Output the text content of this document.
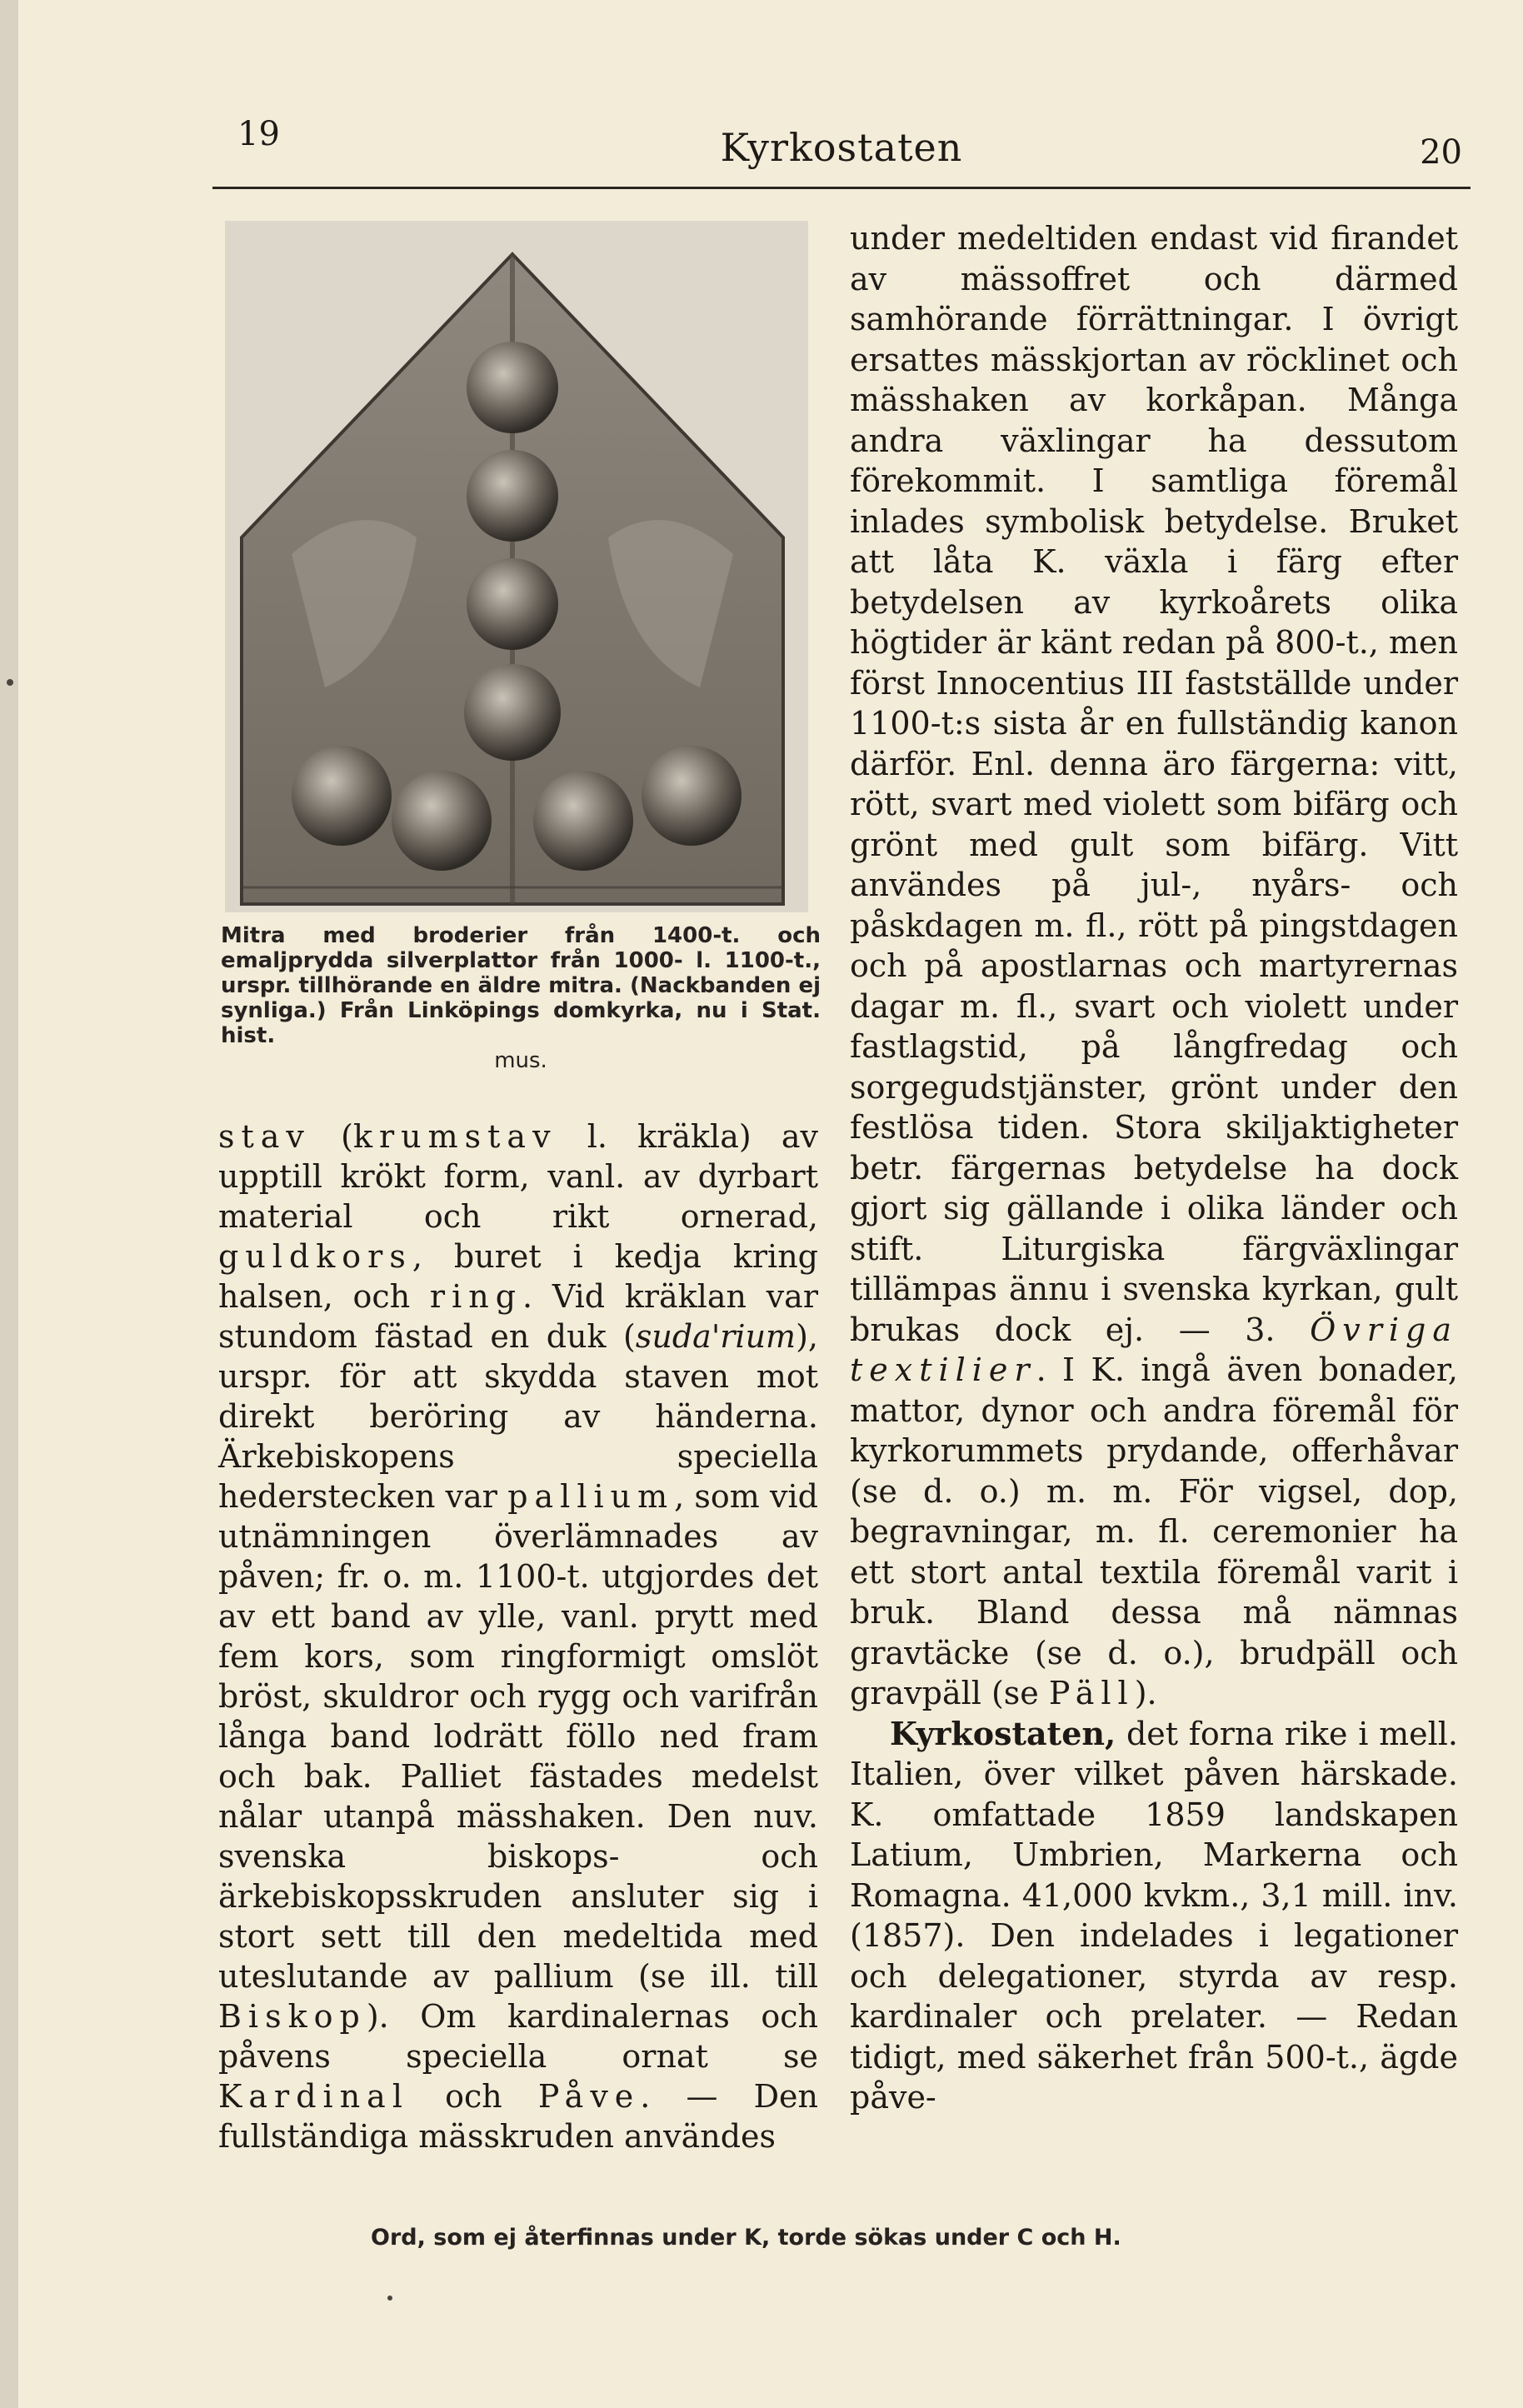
19	Kyrkostaten	20
Mitra med broderier från 1400-t. och emaljprydda silverplattor från 1000- l. 1100-t., urspr. tillhörande en äldre mitra. (Nackbanden ej synliga.) Från Linköpings domkyrka, nu i Stat. hist.
mus.

stav (krumstav l. kräkla) av upptill krökt form, vanl. av dyrbart material och rikt ornerad, guldkors, buret i kedja kring halsen, och ring. Vid kräklan var stundom fästad en duk (suda'rium), urspr. för att skydda staven mot direkt beröring av händerna. Ärkebiskopens speciella hederstecken var pallium, som vid utnämningen överlämnades av påven; fr. o. m. 1100-t. utgjordes det av ett band av ylle, vanl. prytt med fem kors, som ringformigt omslöt bröst, skuldror och rygg och varifrån långa band lodrätt föllo ned fram och bak. Palliet fästades medelst nålar utanpå mässhaken. Den nuv. svenska biskops- och ärkebiskopsskruden ansluter sig i stort sett till den medeltida med uteslutande av pallium (se ill. till Biskop). Om kardinalernas och påvens speciella ornat se Kardinal och Påve. — Den fullständiga mässkruden användes

under medeltiden endast vid firandet av mässoffret och därmed samhörande förrättningar. I övrigt ersattes mässkjortan av röcklinet och mässhaken av korkåpan. Många andra växlingar ha dessutom förekommit. I samtliga föremål inlades symbolisk betydelse. Bruket att låta K. växla i färg efter betydelsen av kyrkoårets olika högtider är känt redan på 800-t., men först Innocentius III fastställde under 1100-t:s sista år en fullständig kanon därför. Enl. denna äro färgerna: vitt, rött, svart med violett som bifärg och grönt med gult som bifärg. Vitt användes på jul-, nyårs- och påskdagen m. fl., rött på pingstdagen och på apostlarnas och martyrernas dagar m. fl., svart och violett under fastlagstid, på långfredag och sorgegudstjänster, grönt under den festlösa tiden. Stora skiljaktigheter betr. färgernas betydelse ha dock gjort sig gällande i olika länder och stift. Liturgiska färgväxlingar tillämpas ännu i svenska kyrkan, gult brukas dock ej. — 3. Övriga textilier. I K. ingå även bonader, mattor, dynor och andra föremål för kyrkorummets prydande, offerhåvar (se d. o.) m. m. För vigsel, dop, begravningar, m. fl. ceremonier ha ett stort antal textila föremål varit i bruk. Bland dessa må nämnas gravtäcke (se d. o.), brudpäll och gravpäll (se Päll).

Kyrkostaten, det forna rike i mell. Italien, över vilket påven härskade. K. omfattade 1859 landskapen Latium, Umbrien, Markerna och Romagna. 41,000 kvkm., 3,1 mill. inv. (1857). Den indelades i legationer och delegationer, styrda av resp. kardinaler och prelater. — Redan tidigt, med säkerhet från 500-t., ägde påve-

Ord, som ej återfinnas under K, torde sökas under C och H.
